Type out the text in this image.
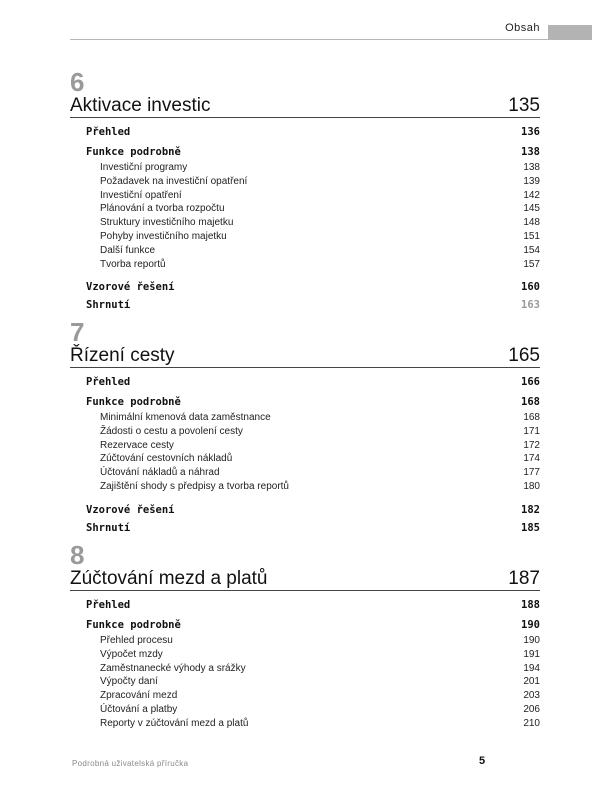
Obsah
6
Aktivace investic	135
Přehled	136
Funkce podrobně	138
Investiční programy	138
Požadavek na investiční opatření	139
Investiční opatření	142
Plánování a tvorba rozpočtu	145
Struktury investičního majetku	148
Pohyby investičního majetku	151
Další funkce	154
Tvorba reportů	157
Vzorové řešení	160
Shrnutí	163
7
Řízení cesty	165
Přehled	166
Funkce podrobně	168
Minimální kmenová data zaměstnance	168
Žádosti o cestu a povolení cesty	171
Rezervace cesty	172
Zúčtování cestovních nákladů	174
Účtování nákladů a náhrad	177
Zajištění shody s předpisy a tvorba reportů	180
Vzorové řešení	182
Shrnutí	185
8
Zúčtování mezd a platů	187
Přehled	188
Funkce podrobně	190
Přehled procesu	190
Výpočet mzdy	191
Zaměstnanecké výhody a srážky	194
Výpočty daní	201
Zpracování mezd	203
Účtování a platby	206
Reporty v zúčtování mezd a platů	210
Podrobná uživatelská příručka	5
